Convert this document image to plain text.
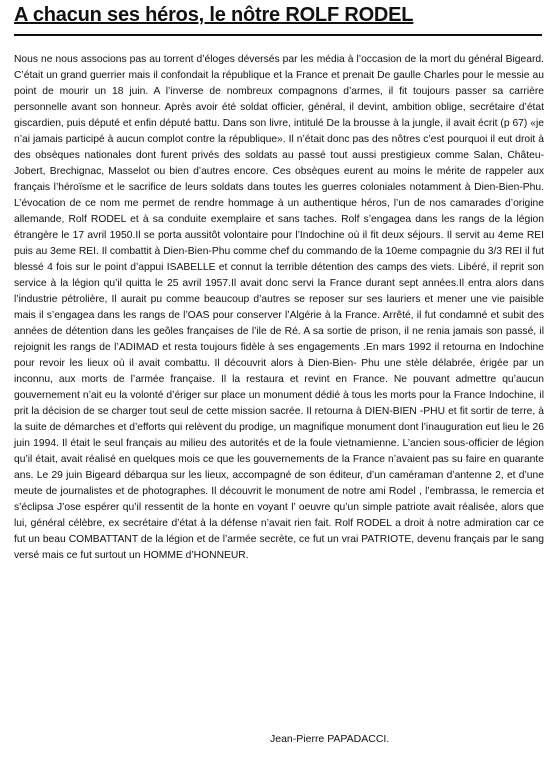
A chacun ses héros, le nôtre ROLF RODEL

Nous ne nous associons pas au torrent d’éloges déversés par les média à l’occasion de la mort du général Bigeard. C’était un grand guerrier mais il confondait la république et la France et prenait De gaulle Charles pour le messie au point de mourir un 18 juin. A l’inverse de nombreux compagnons d’armes, il fit toujours passer sa carrière personnelle avant son honneur. Après avoir été soldat officier, général, il devint, ambition oblige, secrétaire d’état giscardien, puis député et enfin député battu. Dans son livre, intitulé De la brousse à la jungle, il avait écrit (p 67) «je n’ai jamais participé à aucun complot contre la république». Il n’était donc pas des nôtres c’est pourquoi il eut droit à des obsèques nationales dont furent privés des soldats au passé tout aussi prestigieux comme Salan, Châteu-Jobert, Brechignac, Masselot ou bien d’autres encore. Ces obsèques eurent au moins le mérite de rappeler aux français l’héroïsme et le sacrifice de leurs soldats dans toutes les guerres coloniales notamment à Dien-Bien-Phu. L’évocation de ce nom me permet de rendre hommage à un authentique héros, l’un de nos camarades d’origine allemande, Rolf RODEL et à sa conduite exemplaire et sans taches. Rolf s’engagea dans les rangs de la légion étrangère le 17 avril 1950.Il se porta aussitôt volontaire pour l’Indochine où il fit deux séjours. Il servit au 4eme REI puis au 3eme REI. Il combattit à Dien-Bien-Phu comme chef du commando de la 10eme compagnie du 3/3 REI il fut blessé 4 fois sur le point d’appui ISABELLE et connut la terrible détention des camps des viets. Libéré, il reprit son service à la légion qu’il quitta le 25 avril 1957.Il avait donc servi la France durant sept années.Il entra alors dans l’industrie pétrolière, Il aurait pu comme beaucoup d’autres se reposer sur ses lauriers et mener une vie paisible mais il s’engagea dans les rangs de l’OAS pour conserver l’Algérie à la France. Arrêté, il fut condamné et subit des années de détention dans les geôles françaises de l’ile de Ré. A sa sortie de prison, il ne renia jamais son passé, il rejoignit les rangs de l’ADIMAD et resta toujours fidèle à ses engagements .En mars 1992 il retourna en Indochine pour revoir les lieux où il avait combattu. Il découvrit alors à Dien-Bien- Phu une stèle délabrée, érigée par un inconnu, aux morts de l’armée française. Il la restaura et revint en France. Ne pouvant admettre qu’aucun gouvernement n’ait eu la volonté d’ériger sur place un monument dédié à tous les morts pour la France Indochine, il prit la décision de se charger tout seul de cette mission sacrée. Il retourna à DIEN-BIEN -PHU et fit sortir de terre, à la suite de démarches et d’efforts qui relèvent du prodige, un magnifique monument dont l’inauguration eut lieu le 26 juin 1994. Il était le seul français au milieu des autorités et de la foule vietnamienne. L’ancien sous-officier de légion qu’il était, avait réalisé en quelques mois ce que les gouvernements de la France n’avaient pas su faire en quarante ans. Le 29 juin Bigeard débarqua sur les lieux, accompagné de son éditeur, d’un caméraman d’antenne 2, et d’une meute de journalistes et de photographes. Il découvrit le monument de notre ami Rodel , l’embrassa, le remercia et s’éclipsa J’ose espérer qu’il ressentit de la honte en voyant l’ oeuvre qu’un simple patriote avait réalisée, alors que lui, général célèbre, ex secrétaire d’état à la défense n’avait rien fait. Rolf RODEL a droit à notre admiration car ce fut un beau COMBATTANT de la légion et de l’armée secrète, ce fut un vrai PATRIOTE, devenu français par le sang versé mais ce fut surtout un HOMME d’HONNEUR.

Jean-Pierre PAPADACCI.
